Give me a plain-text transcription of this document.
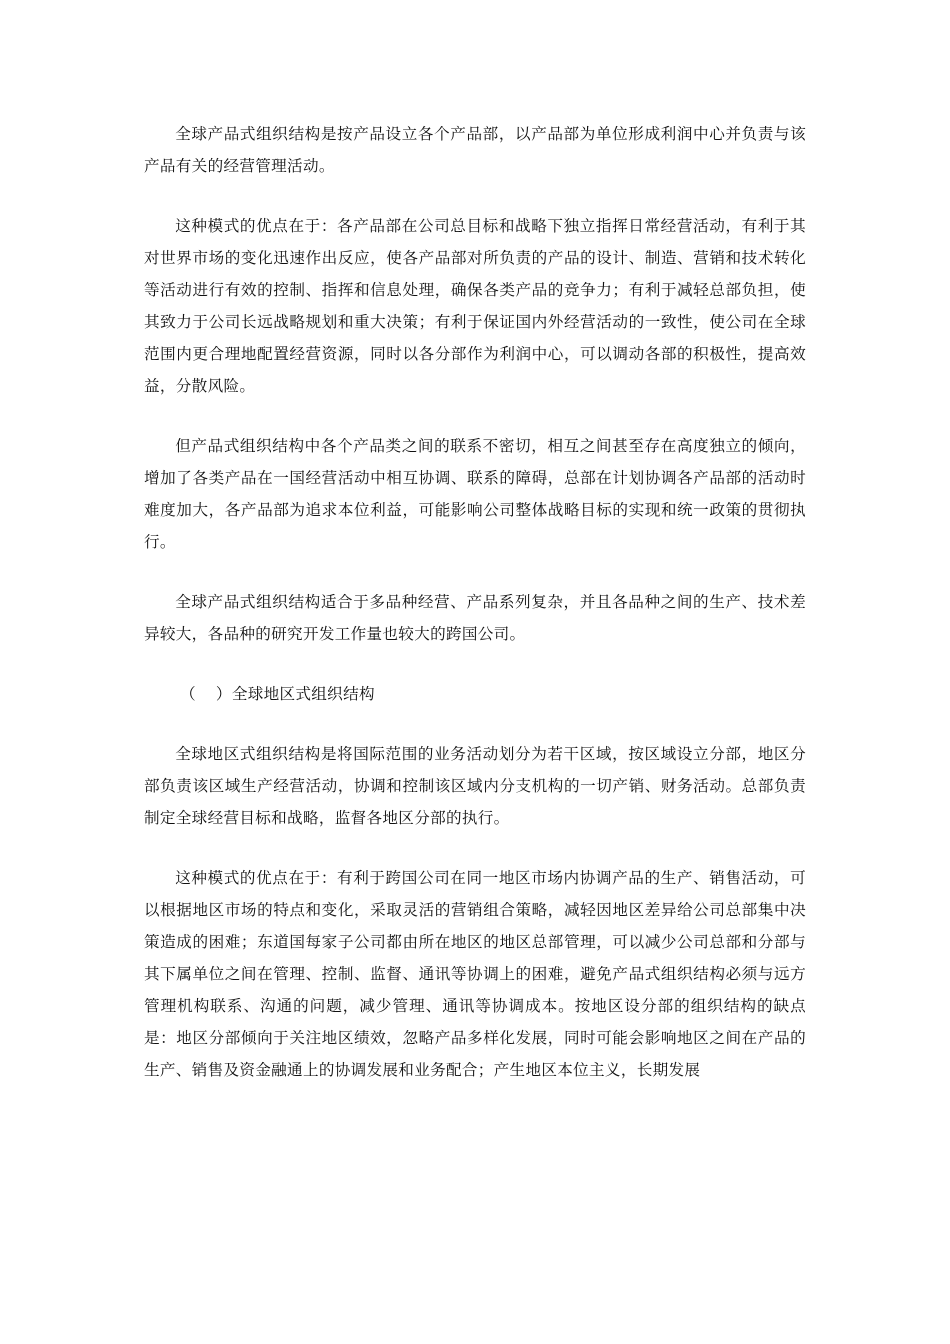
全球产品式组织结构是按产品设立各个产品部，以产品部为单位形成利润中心并负责与该产品有关的经营管理活动。

这种模式的优点在于：各产品部在公司总目标和战略下独立指挥日常经营活动，有利于其对世界市场的变化迅速作出反应，使各产品部对所负责的产品的设计、制造、营销和技术转化等活动进行有效的控制、指挥和信息处理，确保各类产品的竞争力；有利于减轻总部负担，使其致力于公司长远战略规划和重大决策；有利于保证国内外经营活动的一致性，使公司在全球范围内更合理地配置经营资源，同时以各分部作为利润中心，可以调动各部的积极性，提高效益，分散风险。

但产品式组织结构中各个产品类之间的联系不密切，相互之间甚至存在高度独立的倾向，增加了各类产品在一国经营活动中相互协调、联系的障碍，总部在计划协调各产品部的活动时难度加大，各产品部为追求本位利益，可能影响公司整体战略目标的实现和统一政策的贯彻执行。

全球产品式组织结构适合于多品种经营、产品系列复杂，并且各品种之间的生产、技术差异较大，各品种的研究开发工作量也较大的跨国公司。

（ ）全球地区式组织结构

全球地区式组织结构是将国际范围的业务活动划分为若干区域，按区域设立分部，地区分部负责该区域生产经营活动，协调和控制该区域内分支机构的一切产销、财务活动。总部负责制定全球经营目标和战略，监督各地区分部的执行。

这种模式的优点在于：有利于跨国公司在同一地区市场内协调产品的生产、销售活动，可以根据地区市场的特点和变化，采取灵活的营销组合策略，减轻因地区差异给公司总部集中决策造成的困难；东道国每家子公司都由所在地区的地区总部管理，可以减少公司总部和分部与其下属单位之间在管理、控制、监督、通讯等协调上的困难，避免产品式组织结构必须与远方管理机构联系、沟通的问题，减少管理、通讯等协调成本。按地区设分部的组织结构的缺点是：地区分部倾向于关注地区绩效，忽略产品多样化发展，同时可能会影响地区之间在产品的生产、销售及资金融通上的协调发展和业务配合；产生地区本位主义，长期发展
